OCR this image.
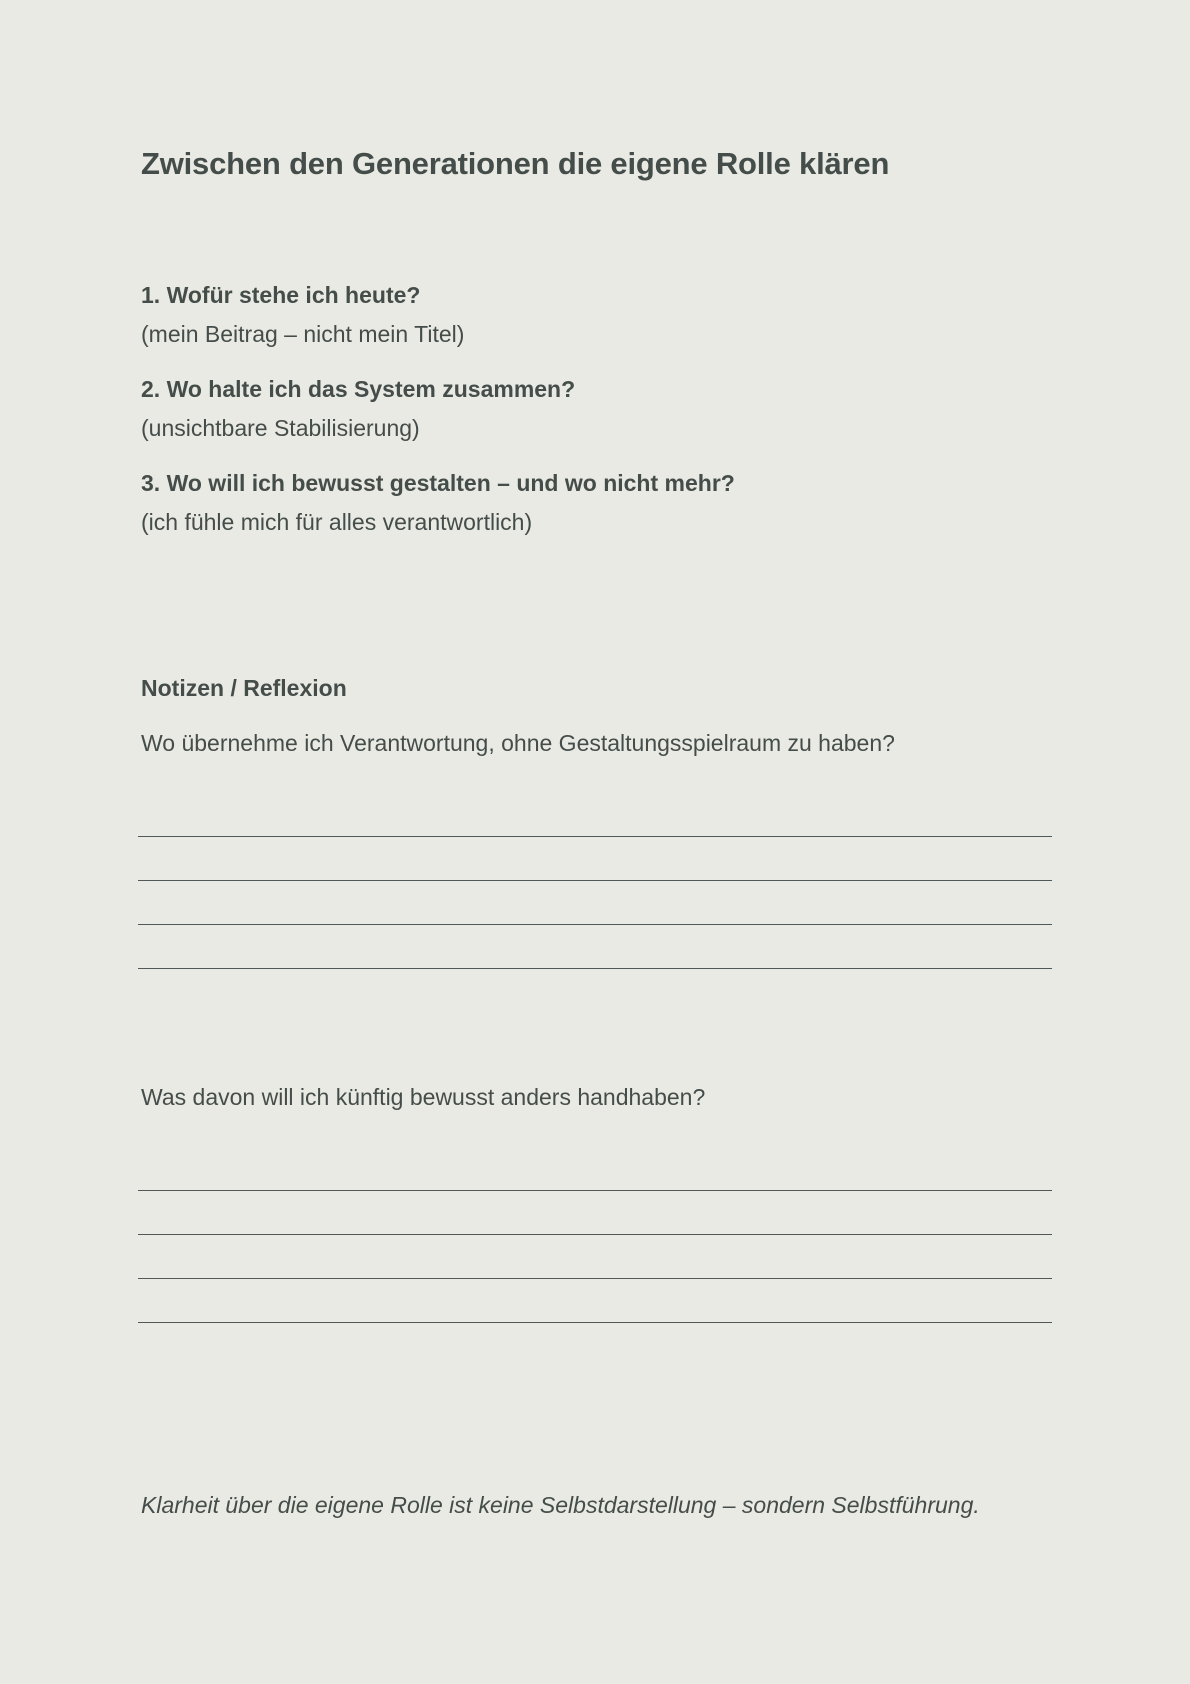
Zwischen den Generationen die eigene Rolle klären

1. Wofür stehe ich heute?

(mein Beitrag – nicht mein Titel)

2. Wo halte ich das System zusammen?

(unsichtbare Stabilisierung)

3. Wo will ich bewusst gestalten – und wo nicht mehr?

(ich fühle mich für alles verantwortlich)

Notizen / Reflexion

Wo übernehme ich Verantwortung, ohne Gestaltungsspielraum zu haben?

Was davon will ich künftig bewusst anders handhaben?

Klarheit über die eigene Rolle ist keine Selbstdarstellung – sondern Selbstführung.
